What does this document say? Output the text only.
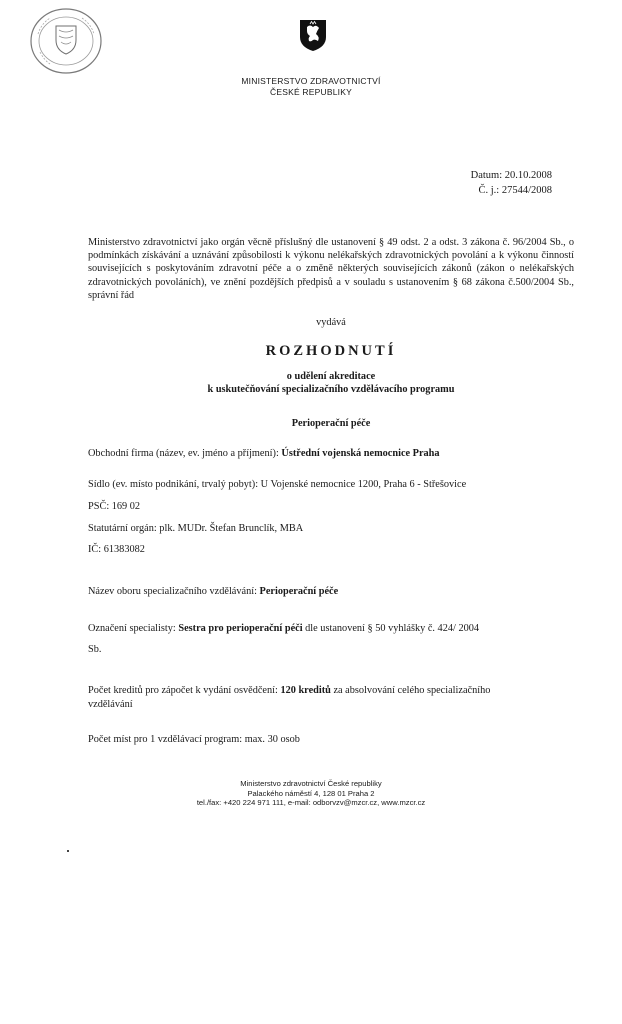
MINISTERSTVO ZDRAVOTNICTVÍ
ČESKÉ REPUBLIKY
Datum: 20.10.2008
Č. j.: 27544/2008
Ministerstvo zdravotnictví jako orgán věcně příslušný dle ustanovení § 49 odst. 2 a odst. 3 zákona č. 96/2004 Sb., o podmínkách získávání a uznávání způsobilosti k výkonu nelékařských zdravotnických povolání a k výkonu činností souvisejících s poskytováním zdravotní péče a o změně některých souvisejících zákonů (zákon o nelékařských zdravotnických povoláních), ve znění pozdějších předpisů a v souladu s ustanovením § 68 zákona č.500/2004 Sb., správní řád
vydává
ROZHODNUTÍ
o udělení akreditace
k uskutečňování specializačního vzdělávacího programu
Perioperační péče
Obchodní firma (název, ev. jméno a příjmení): Ústřední vojenská nemocnice Praha
Sídlo (ev. místo podnikání, trvalý pobyt): U Vojenské nemocnice 1200, Praha 6 - Střešovice
PSČ: 169 02
Statutární orgán: plk. MUDr. Štefan Brunclík, MBA
IČ: 61383082
Název oboru specializačního vzdělávání: Perioperační péče
Označení specialisty: Sestra pro perioperační péči dle ustanovení § 50 vyhlášky č. 424/ 2004
Sb.
Počet kreditů pro zápočet k vydání osvědčení: 120 kreditů za absolvování celého specializačního
vzdělávání
Počet míst pro 1 vzdělávací program: max. 30 osob
Ministerstvo zdravotnictví České republiky
Palackého náměstí 4, 128 01 Praha 2
tel./fax: +420 224 971 111, e-mail: odborvzv@mzcr.cz, www.mzcr.cz
